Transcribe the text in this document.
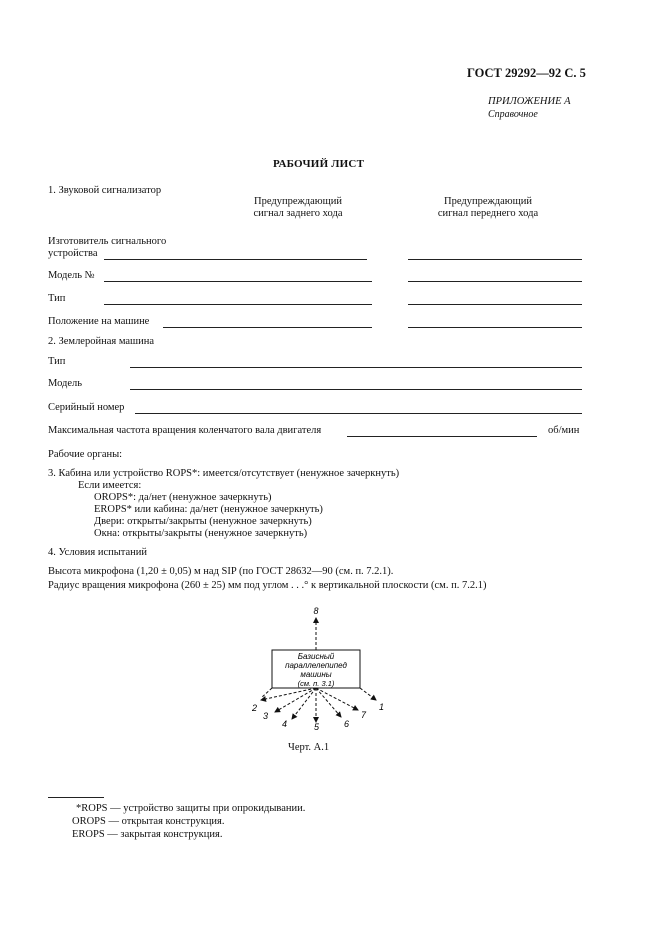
ГОСТ 29292—92 С. 5
ПРИЛОЖЕНИЕ А
Справочное
РАБОЧИЙ ЛИСТ
1. Звуковой сигнализатор
Предупреждающий
сигнал заднего хода
Предупреждающий
сигнал переднего хода
Изготовитель сигнального
устройства
Модель №
Тип
Положение на машине
2. Землеройная машина
Тип
Модель
Серийный номер
Максимальная частота вращения коленчатого вала двигателя	об/мин
Рабочие органы:
3. Кабина или устройство ROPS*: имеется/отсутствует (ненужное зачеркнуть)
Если имеется:
OROPS*: да/нет (ненужное зачеркнуть)
EROPS* или кабина: да/нет (ненужное зачеркнуть)
Двери: открыты/закрыты (ненужное зачеркнуть)
Окна: открыты/закрыты (ненужное зачеркнуть)
4. Условия испытаний
Высота микрофона (1,20 ± 0,05) м над SIP (по ГОСТ 28632—90 (см. п. 7.2.1).
Радиус вращения микрофона (260 ± 25) мм под углом . . .° к вертикальной плоскости (см. п. 7.2.1)
Базисный
параллелепипед
машины
(см. п. 3.1)
8
2
3
4	5	6
7
1
Черт. А.1
*ROPS — устройство защиты при опрокидывании.
OROPS — открытая конструкция.
EROPS — закрытая конструкция.
